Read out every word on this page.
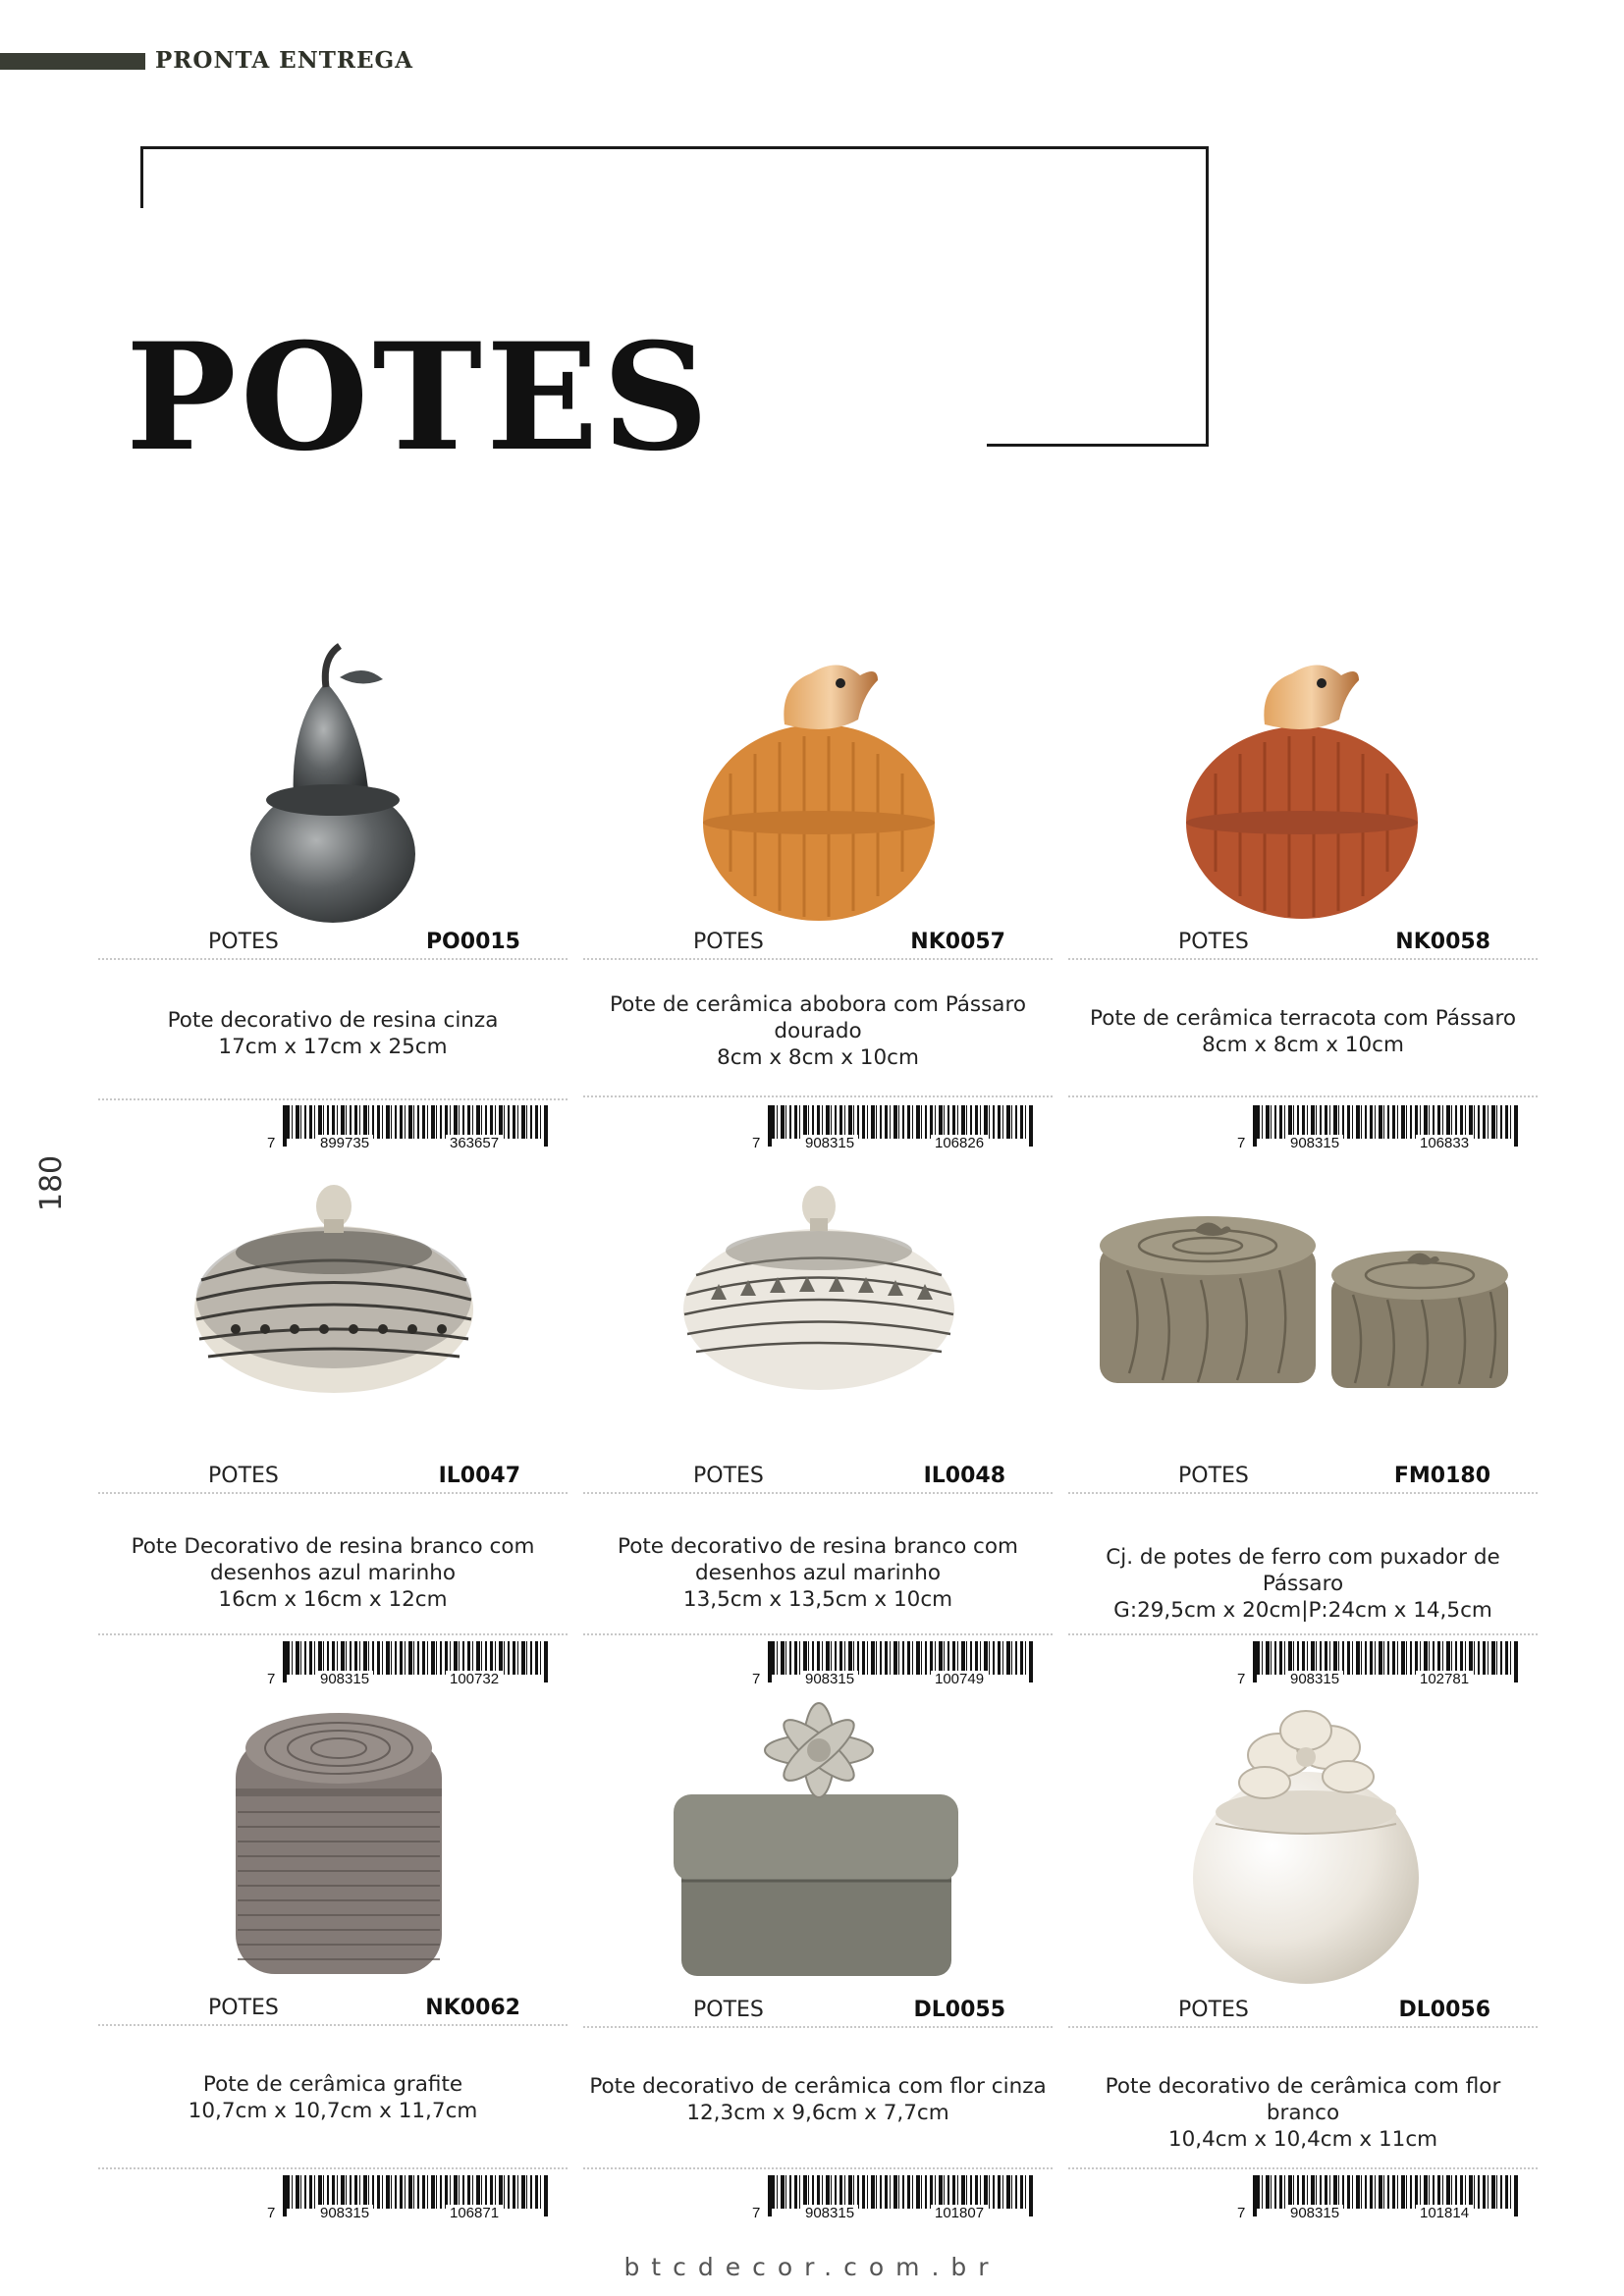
PRONTA ENTREGA
POTES
180
POTES	PO0015
Pote decorativo de resina cinza
17cm x 17cm x 25cm
7	899735	363657
POTES	NK0057
Pote de cerâmica abobora com Pássaro
dourado
8cm x 8cm x 10cm
7	908315	106826
POTES	NK0058
Pote de cerâmica terracota com Pássaro
8cm x 8cm x 10cm
7	908315	106833
POTES	IL0047
Pote Decorativo de resina branco com
desenhos azul marinho
16cm x 16cm x 12cm
7	908315	100732
POTES	IL0048
Pote decorativo de resina branco com
desenhos azul marinho
13,5cm x 13,5cm x 10cm
7	908315	100749
POTES	FM0180
Cj. de potes de ferro com puxador de Pássaro
G:29,5cm x 20cm|P:24cm x 14,5cm
7	908315	102781
POTES	NK0062
Pote de cerâmica grafite
10,7cm x 10,7cm x 11,7cm
7	908315	106871
POTES	DL0055
Pote decorativo de cerâmica com flor cinza
12,3cm x 9,6cm x 7,7cm
7	908315	101807
POTES	DL0056
Pote decorativo de cerâmica com flor branco
10,4cm x 10,4cm x 11cm
7	908315	101814
btcdecor.com.br
